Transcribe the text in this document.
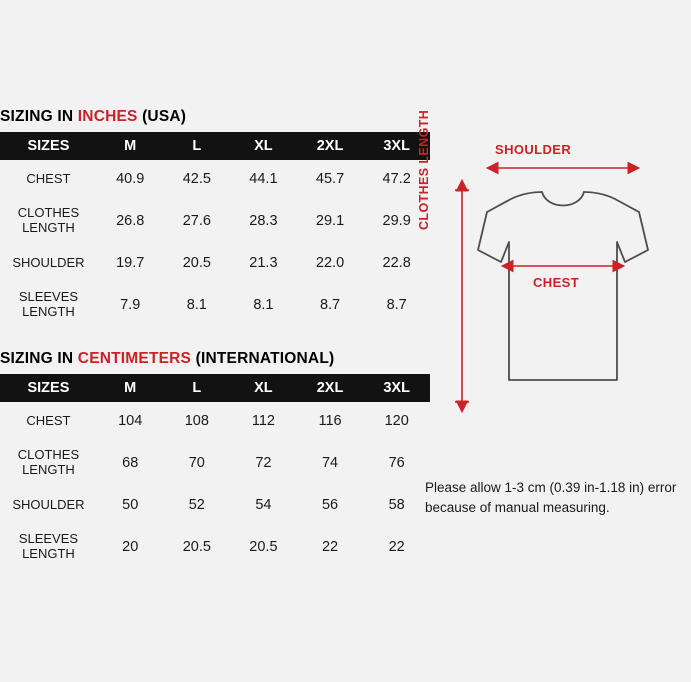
SIZING IN INCHES (USA)
SIZES	M	L	XL	2XL	3XL
CHEST	40.9	42.5	44.1	45.7	47.2
CLOTHES LENGTH	26.8	27.6	28.3	29.1	29.9
SHOULDER	19.7	20.5	21.3	22.0	22.8
SLEEVES LENGTH	7.9	8.1	8.1	8.7	8.7
SIZING IN CENTIMETERS (INTERNATIONAL)
SIZES	M	L	XL	2XL	3XL
CHEST	104	108	112	116	120
CLOTHES LENGTH	68	70	72	74	76
SHOULDER	50	52	54	56	58
SLEEVES LENGTH	20	20.5	20.5	22	22
SHOULDER
CLOTHES LENGTH
CHEST
Please allow 1-3 cm (0.39 in-1.18 in) error because of manual measuring.
